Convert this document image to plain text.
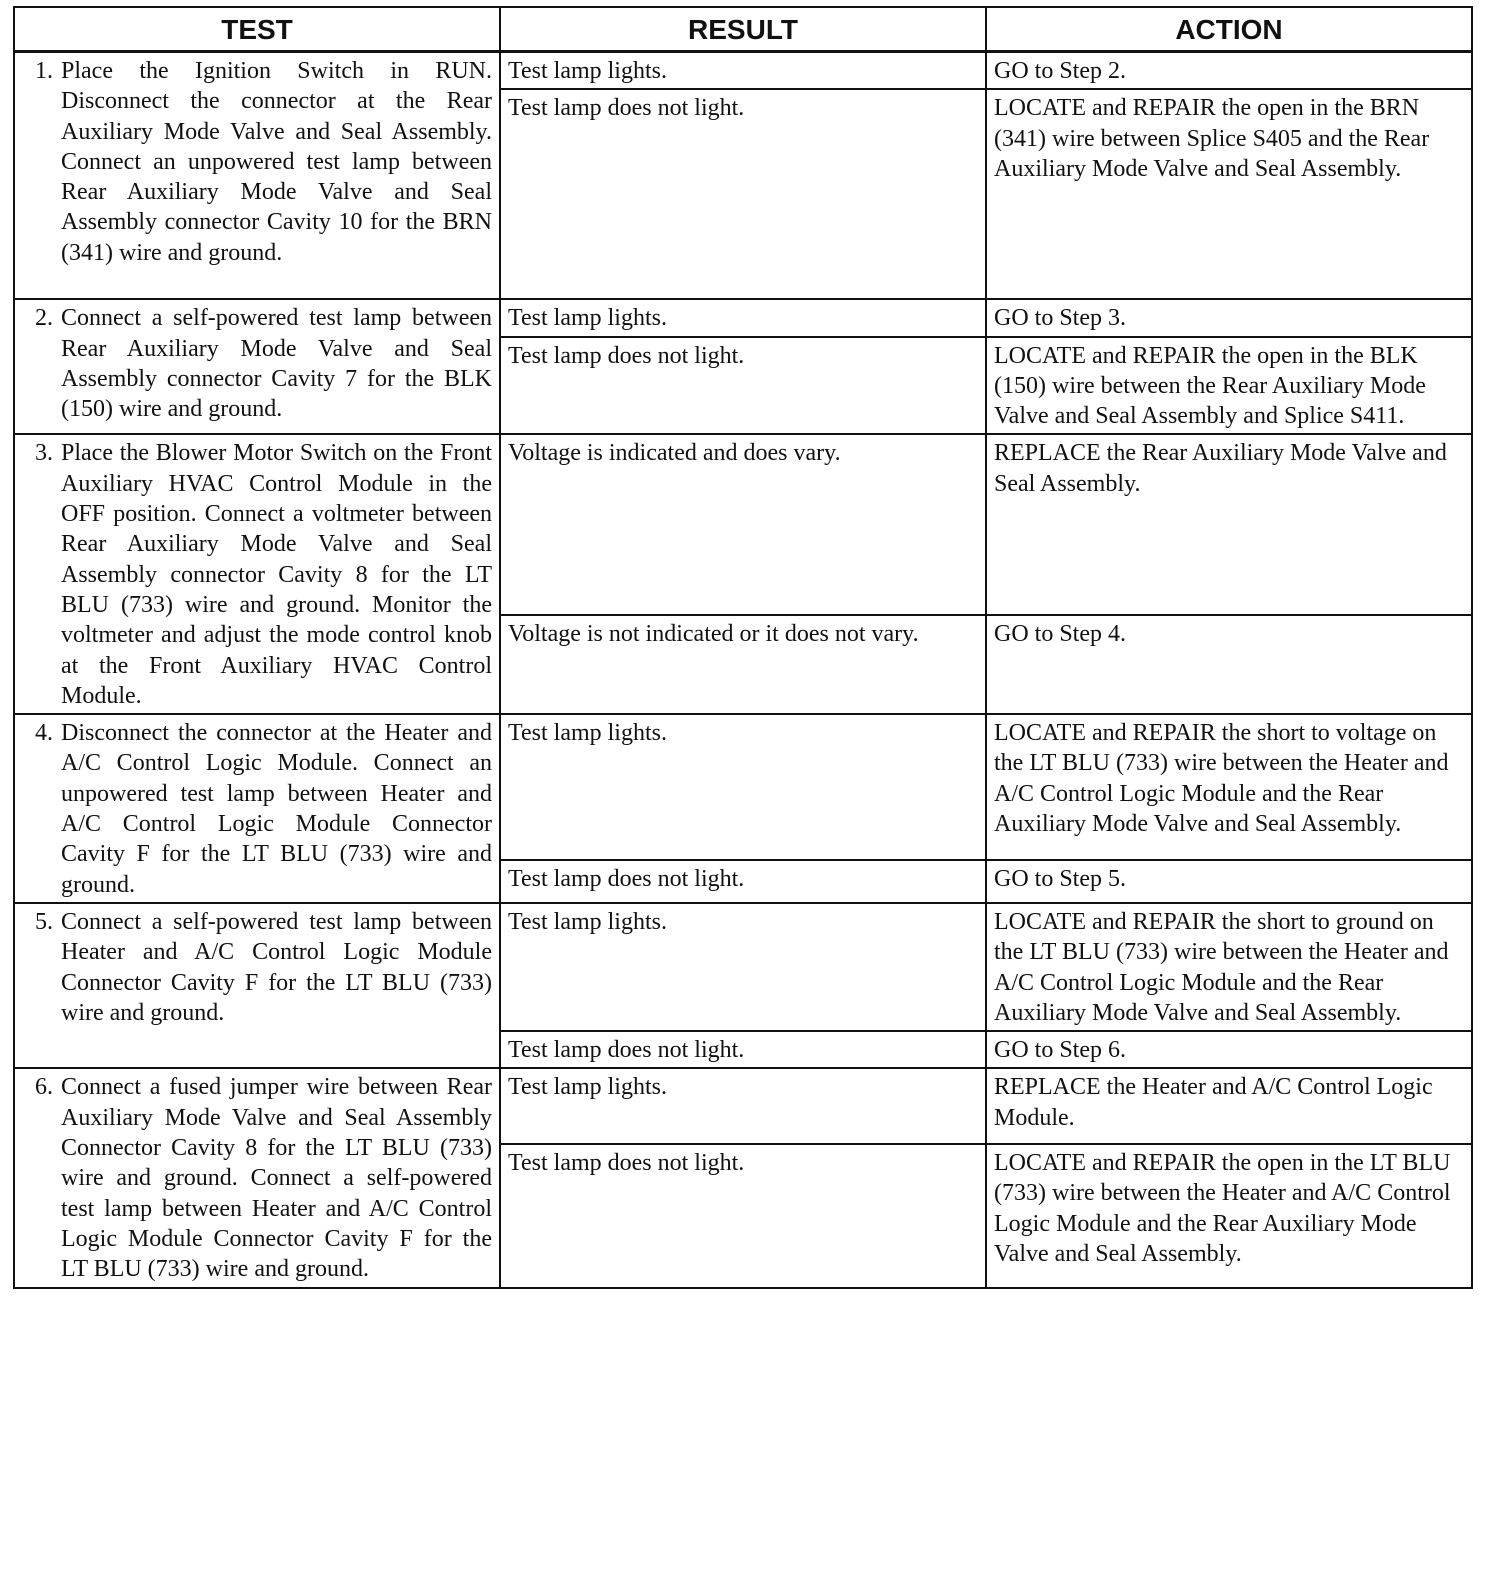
TEST	RESULT	ACTION

1. Place the Ignition Switch in RUN. Disconnect the connector at the Rear Auxiliary Mode Valve and Seal Assembly. Connect an unpowered test lamp between Rear Auxiliary Mode Valve and Seal Assembly connector Cavity 10 for the BRN (341) wire and ground.	Test lamp lights.	GO to Step 2.
	Test lamp does not light.	LOCATE and REPAIR the open in the BRN (341) wire between Splice S405 and the Rear Auxiliary Mode Valve and Seal Assembly.

2. Connect a self-powered test lamp between Rear Auxiliary Mode Valve and Seal Assembly connector Cavity 7 for the BLK (150) wire and ground.	Test lamp lights.	GO to Step 3.
	Test lamp does not light.	LOCATE and REPAIR the open in the BLK (150) wire between the Rear Auxiliary Mode Valve and Seal Assembly and Splice S411.

3. Place the Blower Motor Switch on the Front Auxiliary HVAC Control Module in the OFF position. Connect a voltmeter between Rear Auxiliary Mode Valve and Seal Assembly connector Cavity 8 for the LT BLU (733) wire and ground. Monitor the voltmeter and adjust the mode control knob at the Front Auxiliary HVAC Control Module.	Voltage is indicated and does vary.	REPLACE the Rear Auxiliary Mode Valve and Seal Assembly.
	Voltage is not indicated or it does not vary.	GO to Step 4.

4. Disconnect the connector at the Heater and A/C Control Logic Module. Connect an unpowered test lamp between Heater and A/C Control Logic Module Connector Cavity F for the LT BLU (733) wire and ground.	Test lamp lights.	LOCATE and REPAIR the short to voltage on the LT BLU (733) wire between the Heater and A/C Control Logic Module and the Rear Auxiliary Mode Valve and Seal Assembly.
	Test lamp does not light.	GO to Step 5.

5. Connect a self-powered test lamp between Heater and A/C Control Logic Module Connector Cavity F for the LT BLU (733) wire and ground.	Test lamp lights.	LOCATE and REPAIR the short to ground on the LT BLU (733) wire between the Heater and A/C Control Logic Module and the Rear Auxiliary Mode Valve and Seal Assembly.
	Test lamp does not light.	GO to Step 6.

6. Connect a fused jumper wire between Rear Auxiliary Mode Valve and Seal Assembly Connector Cavity 8 for the LT BLU (733) wire and ground. Connect a self-powered test lamp between Heater and A/C Control Logic Module Connector Cavity F for the LT BLU (733) wire and ground.	Test lamp lights.	REPLACE the Heater and A/C Control Logic Module.
	Test lamp does not light.	LOCATE and REPAIR the open in the LT BLU (733) wire between the Heater and A/C Control Logic Module and the Rear Auxiliary Mode Valve and Seal Assembly.
